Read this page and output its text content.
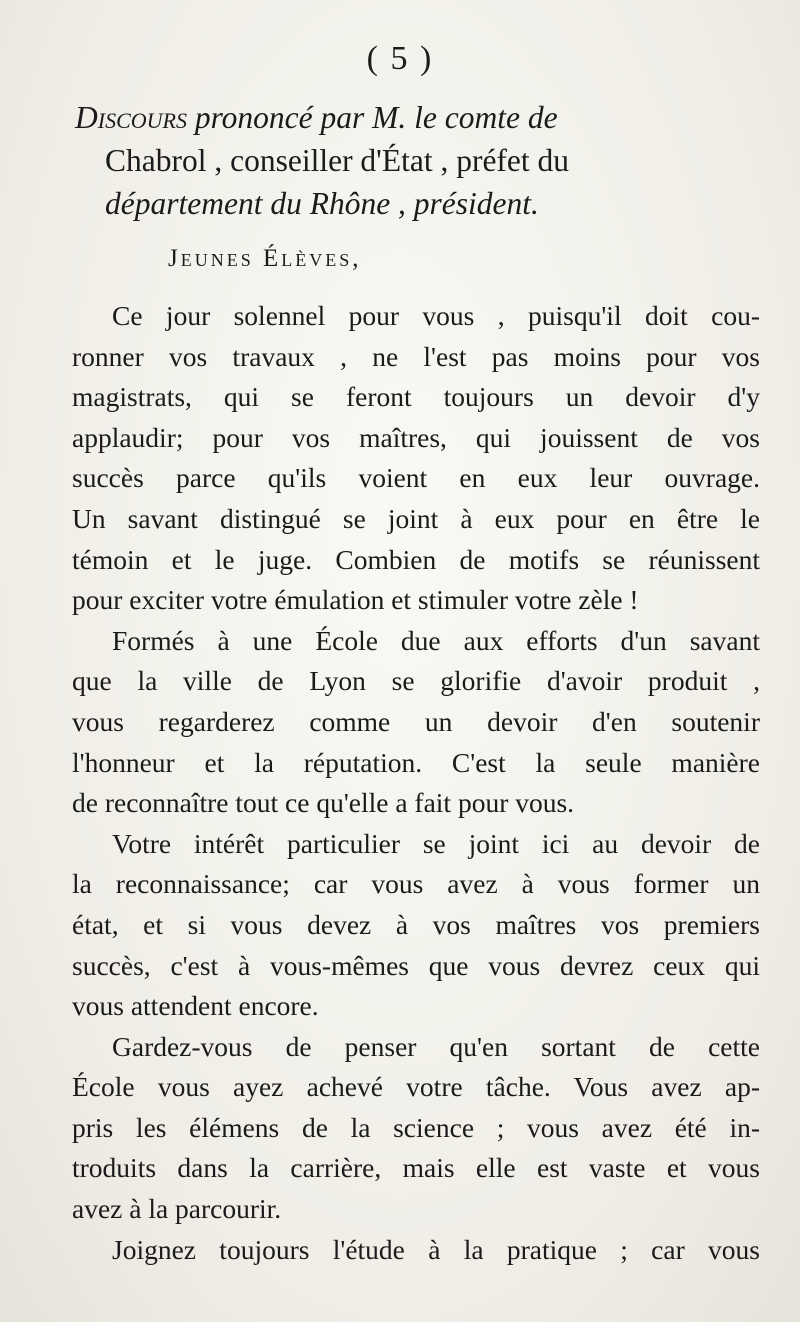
( 5 )
Discours prononcé par M. le comte de
Chabrol , conseiller d'État , préfet du
département du Rhône , président.
Jeunes Élèves,
Ce jour solennel pour vous , puisqu'il doit cou-
ronner vos travaux , ne l'est pas moins pour vos
magistrats, qui se feront toujours un devoir d'y
applaudir; pour vos maîtres, qui jouissent de vos
succès parce qu'ils voient en eux leur ouvrage.
Un savant distingué se joint à eux pour en être le
témoin et le juge. Combien de motifs se réunissent
pour exciter votre émulation et stimuler votre zèle !
Formés à une École due aux efforts d'un savant
que la ville de Lyon se glorifie d'avoir produit ,
vous regarderez comme un devoir d'en soutenir
l'honneur et la réputation. C'est la seule manière
de reconnaître tout ce qu'elle a fait pour vous.
Votre intérêt particulier se joint ici au devoir de
la reconnaissance; car vous avez à vous former un
état, et si vous devez à vos maîtres vos premiers
succès, c'est à vous-mêmes que vous devrez ceux qui
vous attendent encore.
Gardez-vous de penser qu'en sortant de cette
École vous ayez achevé votre tâche. Vous avez ap-
pris les élémens de la science ; vous avez été in-
troduits dans la carrière, mais elle est vaste et vous
avez à la parcourir.
Joignez toujours l'étude à la pratique ; car vous
